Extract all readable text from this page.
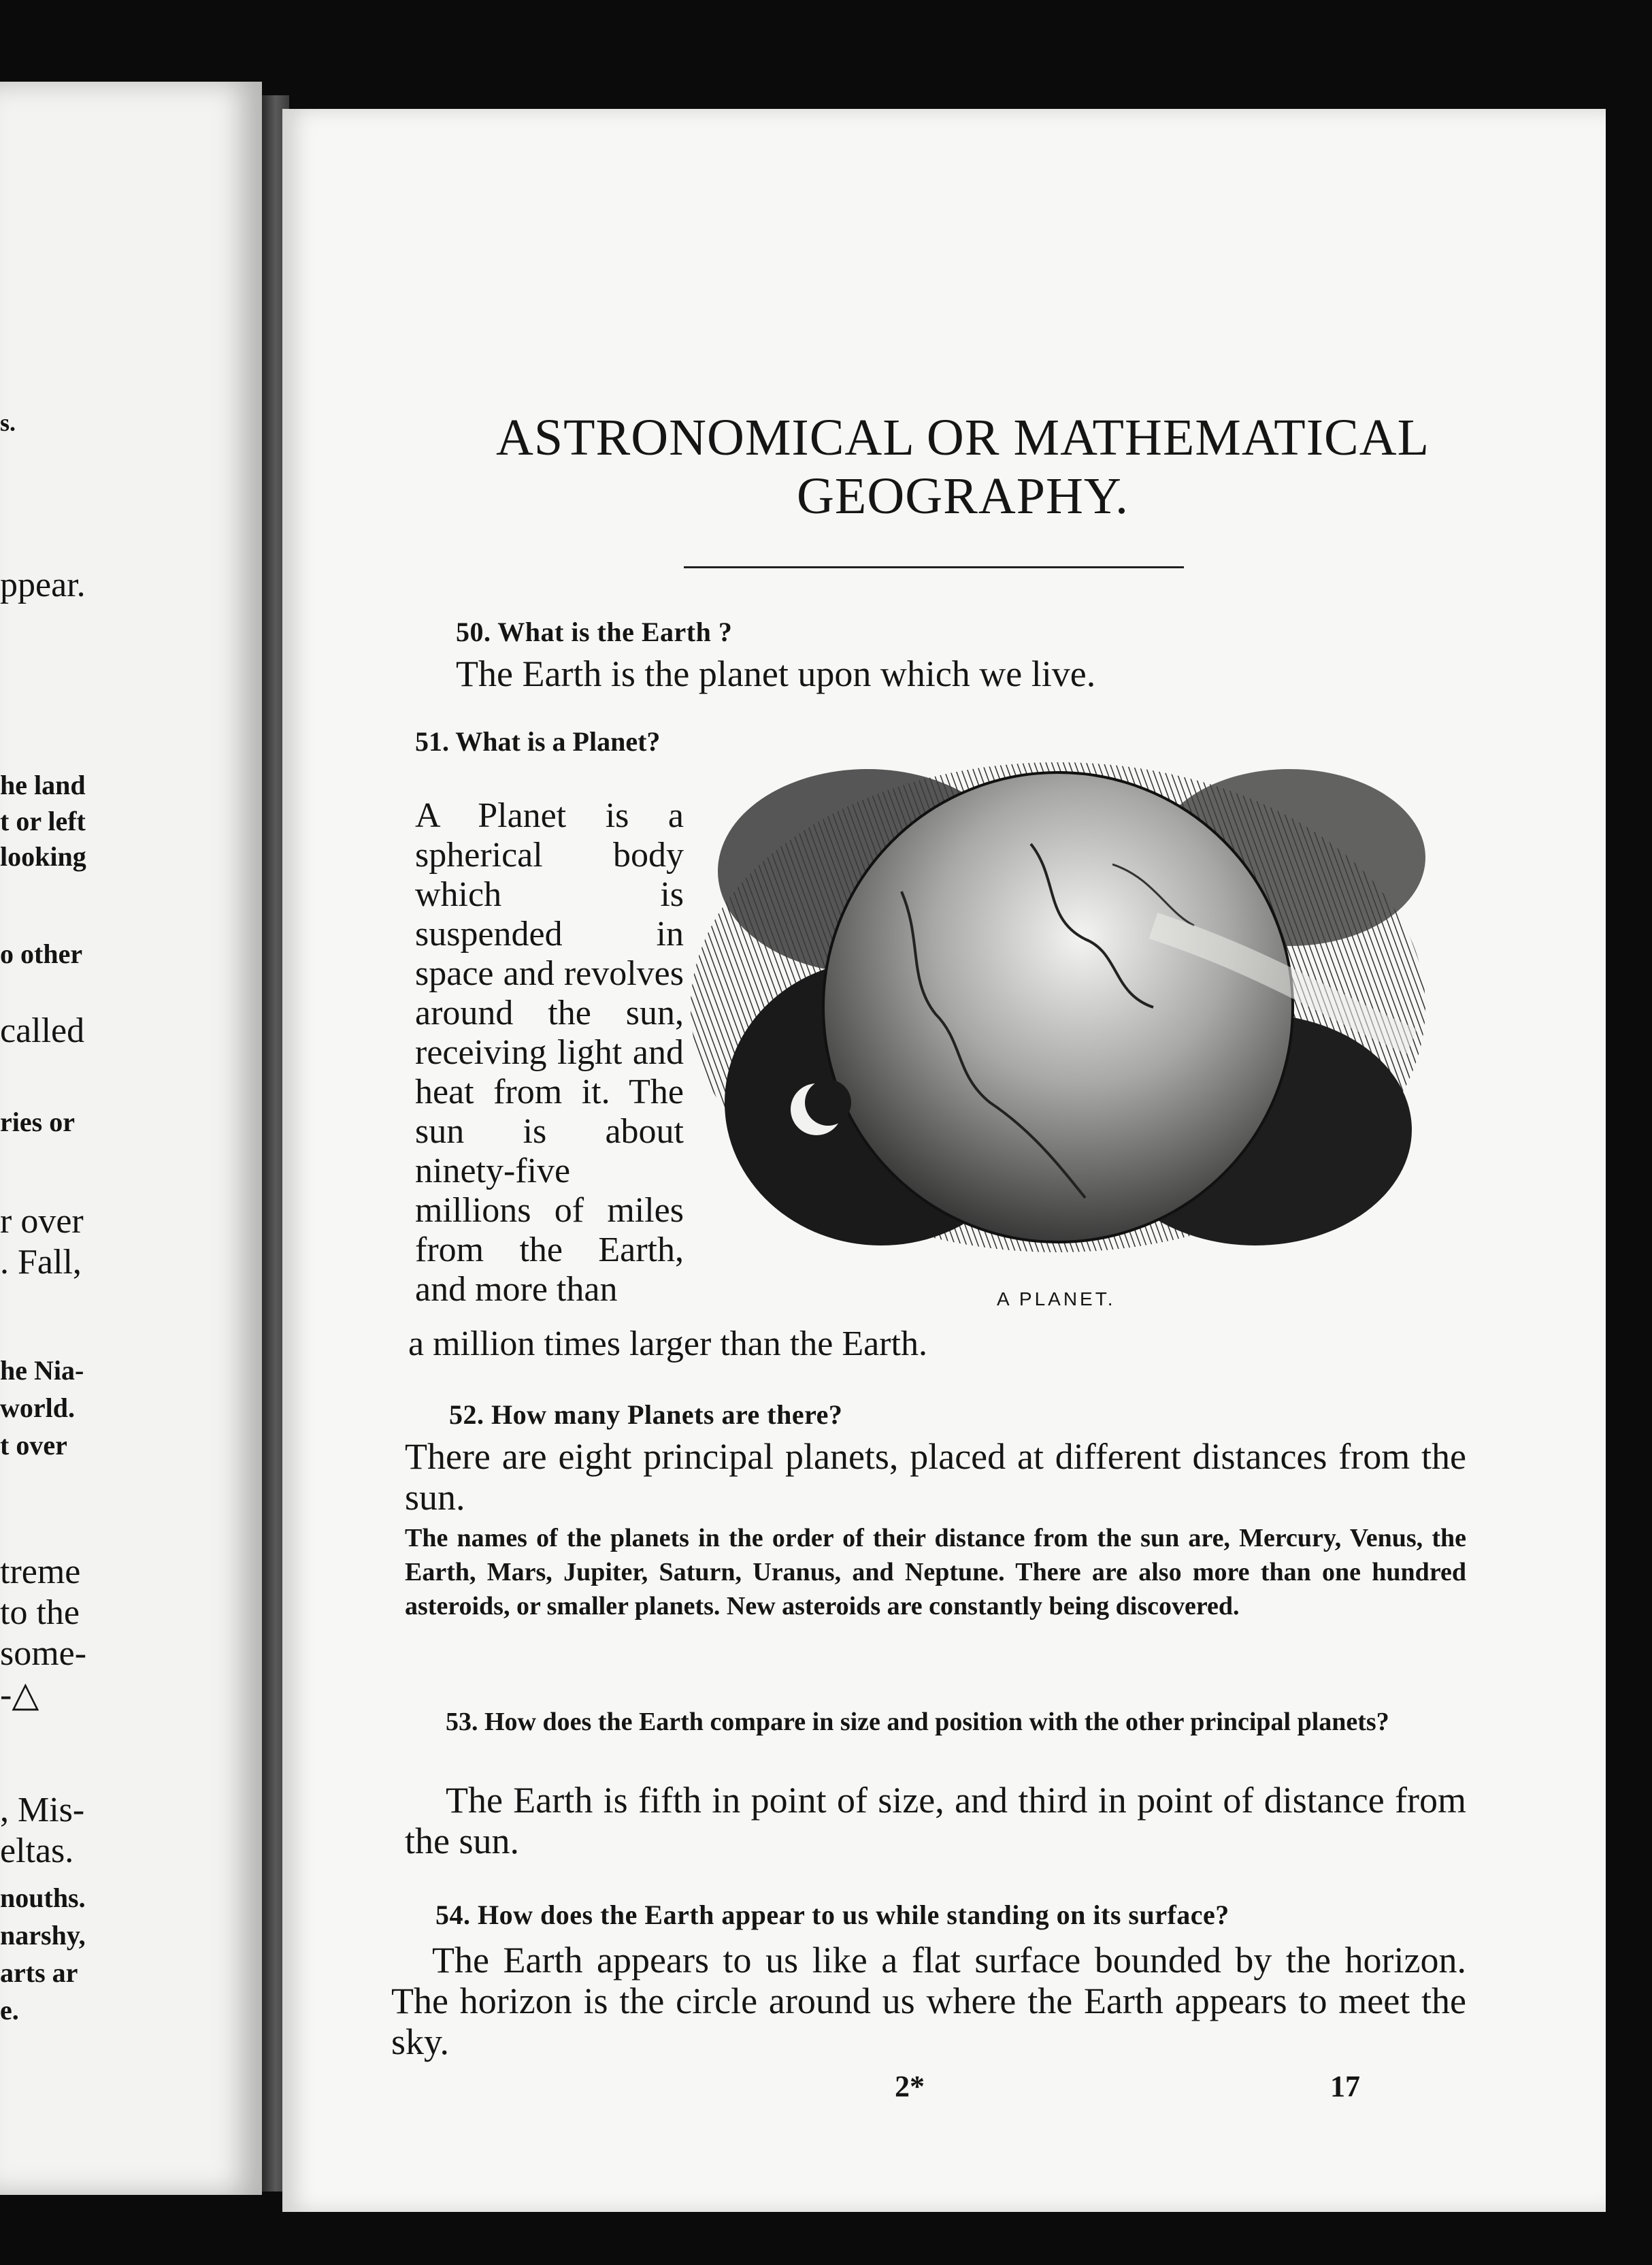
s.
ppear.
he land
t or left
looking
o other
called
ries or
r over
. Fall,
he Nia-
world.
t over
treme
to the
some-
-△
, Mis-
eltas.
nouths.
narshy,
arts ar
e.
ASTRONOMICAL OR MATHEMATICAL
GEOGRAPHY.
50. What is the Earth ?
The Earth is the planet upon which we live.
51. What is a Planet?
A Planet is a spherical body which is suspended in space and revolves around the sun, receiving light and heat from it. The sun is about ninety-five millions of miles from the Earth, and more than
a million times larger than the Earth.
A PLANET.
52. How many Planets are there?
There are eight principal planets, placed at different distances from the sun.
The names of the planets in the order of their distance from the sun are, Mercury, Venus, the Earth, Mars, Jupiter, Saturn, Uranus, and Neptune. There are also more than one hundred asteroids, or smaller planets. New asteroids are constantly being discovered.
53. How does the Earth compare in size and position with the other principal planets?
The Earth is fifth in point of size, and third in point of distance from the sun.
54. How does the Earth appear to us while standing on its surface?
The Earth appears to us like a flat surface bounded by the horizon. The horizon is the circle around us where the Earth appears to meet the sky.
2*	17
